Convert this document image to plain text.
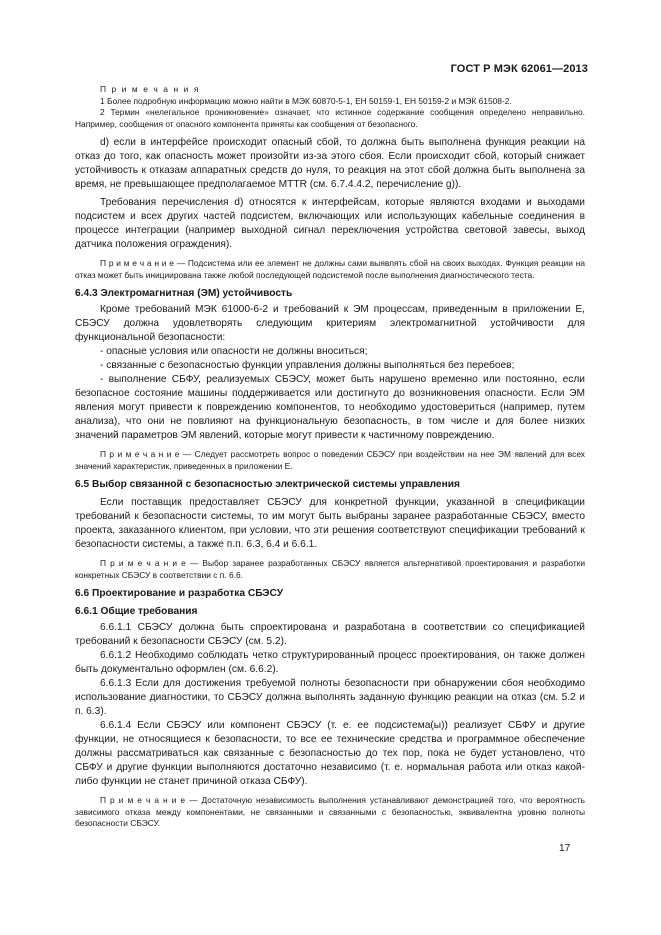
ГОСТ Р МЭК 62061—2013

П р и м е ч а н и я

1 Более подробную информацию можно найти в МЭК 60870-5-1, ЕН 50159-1, ЕН 50159-2 и МЭК 61508-2.

2 Термин «нелегальное проникновение» означает, что истинное содержание сообщения определено неправильно. Например, сообщения от опасного компонента приняты как сообщения от безопасного.

d) если в интерфейсе происходит опасный сбой, то должна быть выполнена функция реакции на отказ до того, как опасность может произойти из-за этого сбоя. Если происходит сбой, который снижает устойчивость к отказам аппаратных средств до нуля, то реакция на этот сбой должна быть выполнена за время, не превышающее предполагаемое MTTR (см. 6.7.4.4.2, перечисление g)).

Требования перечисления d) относятся к интерфейсам, которые являются входами и выходами подсистем и всех других частей подсистем, включающих или использующих кабельные соединения в процессе интеграции (например выходной сигнал переключения устройства световой завесы, выход датчика положения ограждения).

П р и м е ч а н и е — Подсистема или ее элемент не должны сами выявлять сбой на своих выходах. Функция реакции на отказ может быть инициирована также любой последующей подсистемой после выполнения диагностического теста.

6.4.3 Электромагнитная (ЭМ) устойчивость

Кроме требований МЭК 61000-6-2 и требований к ЭМ процессам, приведенным в приложении Е, СБЭСУ должна удовлетворять следующим критериям электромагнитной устойчивости для функциональной безопасности:

- опасные условия или опасности не должны вноситься;

- связанные с безопасностью функции управления должны выполняться без перебоев;

- выполнение СБФУ, реализуемых СБЭСУ, может быть нарушено временно или постоянно, если безопасное состояние машины поддерживается или достигнуто до возникновения опасности. Если ЭМ явления могут привести к повреждению компонентов, то необходимо удостовериться (например, путем анализа), что они не повлияют на функциональную безопасность, в том числе и для более низких значений параметров ЭМ явлений, которые могут привести к частичному повреждению.

П р и м е ч а н и е — Следует рассмотреть вопрос о поведении СБЭСУ при воздействии на нее ЭМ явлений для всех значений характеристик, приведенных в приложении Е.

6.5 Выбор связанной с безопасностью электрической системы управления

Если поставщик предоставляет СБЭСУ для конкретной функции, указанной в спецификации требований к безопасности системы, то им могут быть выбраны заранее разработанные СБЭСУ, вместо проекта, заказанного клиентом, при условии, что эти решения соответствуют спецификации требований к безопасности системы, а также п.п. 6.3, 6.4 и 6.6.1.

П р и м е ч а н и е — Выбор заранее разработанных СБЭСУ является альтернативой проектирования и разработки конкретных СБЭСУ в соответствии с п. 6.6.

6.6 Проектирование и разработка СБЭСУ

6.6.1 Общие требования

6.6.1.1 СБЭСУ должна быть спроектирована и разработана в соответствии со спецификацией требований к безопасности СБЭСУ (см. 5.2).

6.6.1.2 Необходимо соблюдать четко структурированный процесс проектирования, он также должен быть документально оформлен (см. 6.6.2).

6.6.1.3 Если для достижения требуемой полноты безопасности при обнаружении сбоя необходимо использование диагностики, то СБЭСУ должна выполнять заданную функцию реакции на отказ (см. 5.2 и п. 6.3).

6.6.1.4 Если СБЭСУ или компонент СБЭСУ (т. е. ее подсистема(ы)) реализует СБФУ и другие функции, не относящиеся к безопасности, то все ее технические средства и программное обеспечение должны рассматриваться как связанные с безопасностью до тех пор, пока не будет установлено, что СБФУ и другие функции выполняются достаточно независимо (т. е. нормальная работа или отказ какой-либо функции не станет причиной отказа СБФУ).

П р и м е ч а н и е — Достаточную независимость выполнения устанавливают демонстрацией того, что вероятность зависимого отказа между компонентами, не связанными и связанными с безопасностью, эквивалентна уровню полноты безопасности СБЭСУ.

17
